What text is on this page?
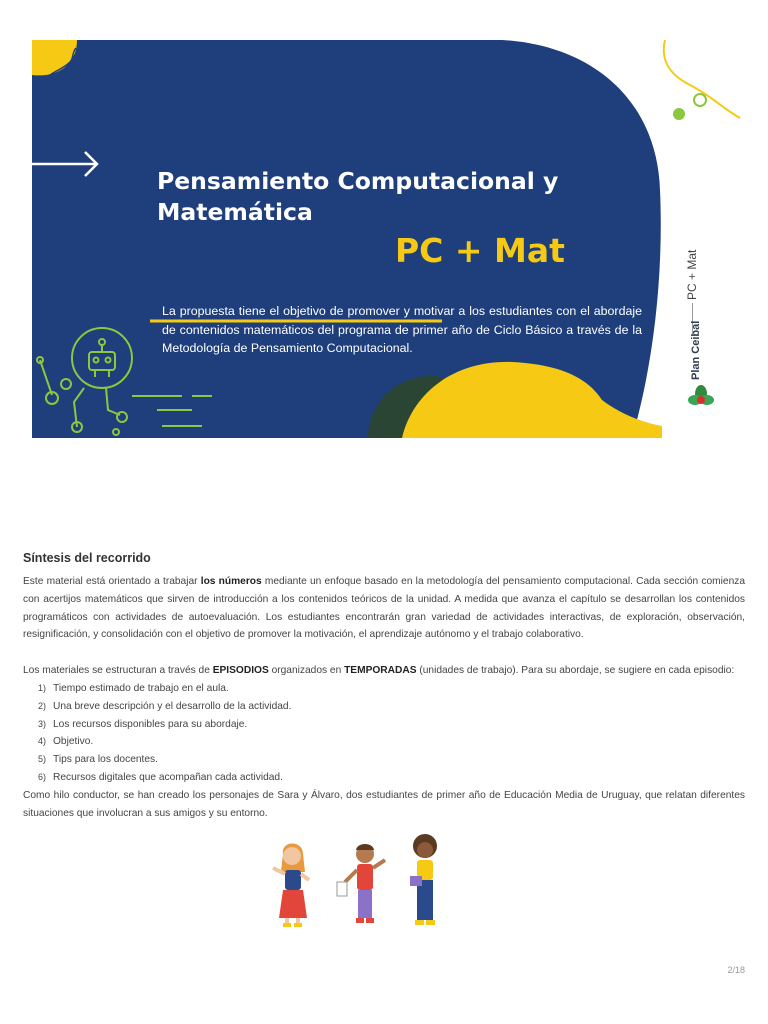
Pensamiento Computacional y
Matemática
PC + Mat
La propuesta tiene el objetivo de promover y motivar a los estudiantes con el abordaje de contenidos matemáticos del programa de primer año de Ciclo Básico a través de la Metodología de Pensamiento Computacional.
PC + Mat
Plan Ceibal
Síntesis del recorrido

Este material está orientado a trabajar los números mediante un enfoque basado en la metodología del pensamiento computacional. Cada sección comienza con acertijos matemáticos que sirven de introducción a los contenidos teóricos de la unidad. A medida que avanza el capítulo se desarrollan los contenidos programáticos con actividades de autoevaluación. Los estudiantes encontrarán gran variedad de actividades interactivas, de exploración, observación, resignificación, y consolidación con el objetivo de promover la motivación, el aprendizaje autónomo y el trabajo colaborativo.

Los materiales se estructuran a través de EPISODIOS organizados en TEMPORADAS (unidades de trabajo). Para su abordaje, se sugiere en cada episodio:

1) Tiempo estimado de trabajo en el aula.
2) Una breve descripción y el desarrollo de la actividad.
3) Los recursos disponibles para su abordaje.
4) Objetivo.
5) Tips para los docentes.
6) Recursos digitales que acompañan cada actividad.

Como hilo conductor, se han creado los personajes de Sara y Álvaro, dos estudiantes de primer año de Educación Media de Uruguay, que relatan diferentes situaciones que involucran a sus amigos y su entorno.

2/18
